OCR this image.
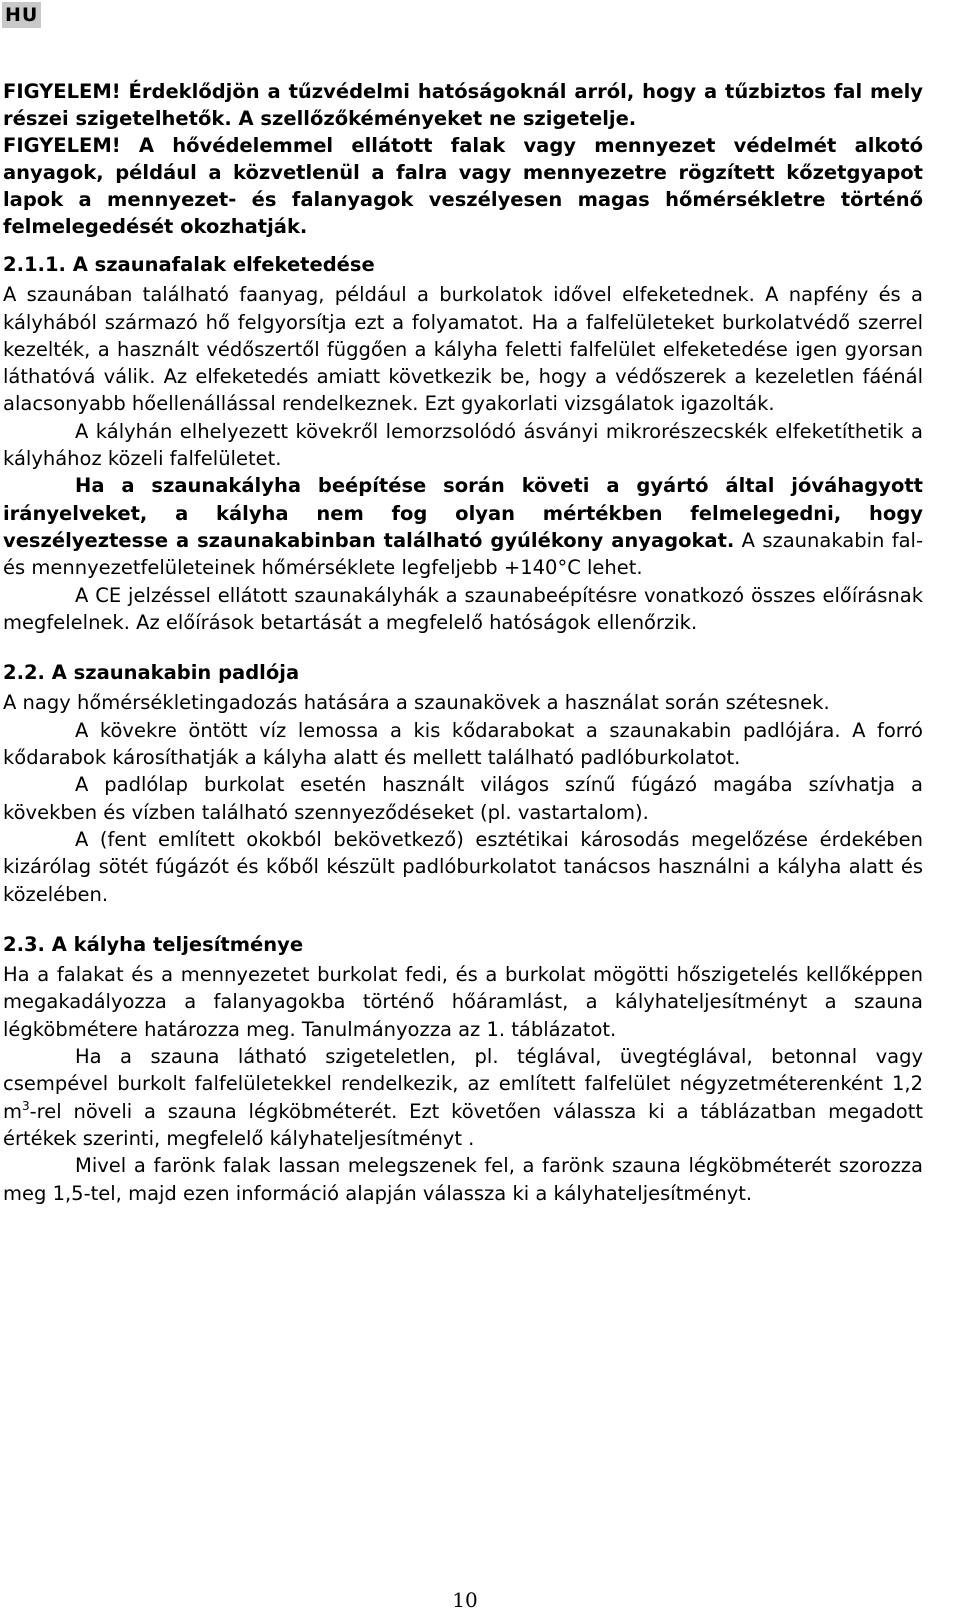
HU

FIGYELEM! Érdeklődjön a tűzvédelmi hatóságoknál arról, hogy a tűzbiztos fal mely részei szigetelhetők. A szellőzőkéményeket ne szigetelje.

FIGYELEM! A hővédelemmel ellátott falak vagy mennyezet védelmét alkotó anyagok, például a közvetlenül a falra vagy mennyezetre rögzített kőzetgyapot lapok a mennyezet- és falanyagok veszélyesen magas hőmérsékletre történő felmelegedését okozhatják.

2.1.1. A szaunafalak elfeketedése

A szaunában található faanyag, például a burkolatok idővel elfeketednek. A napfény és a kályhából származó hő felgyorsítja ezt a folyamatot. Ha a falfelületeket burkolatvédő szerrel kezelték, a használt védőszertől függően a kályha feletti falfelület elfeketedése igen gyorsan láthatóvá válik. Az elfeketedés amiatt következik be, hogy a védőszerek a kezeletlen fáénál alacsonyabb hőellenállással rendelkeznek. Ezt gyakorlati vizsgálatok igazolták.

A kályhán elhelyezett kövekről lemorzsolódó ásványi mikrorészecskék elfeketíthetik a kályhához közeli falfelületet.

Ha a szaunakályha beépítése során követi a gyártó által jóváhagyott irányelveket, a kályha nem fog olyan mértékben felmelegedni, hogy veszélyeztesse a szaunakabinban található gyúlékony anyagokat. A szaunakabin fal- és mennyezetfelületeinek hőmérséklete legfeljebb +140°C lehet.

A CE jelzéssel ellátott szaunakályhák a szaunabeépítésre vonatkozó összes előírásnak megfelelnek. Az előírások betartását a megfelelő hatóságok ellenőrzik.

2.2. A szaunakabin padlója

A nagy hőmérsékletingadozás hatására a szaunakövek a használat során szétesnek.

A kövekre öntött víz lemossa a kis kődarabokat a szaunakabin padlójára. A forró kődarabok károsíthatják a kályha alatt és mellett található padlóburkolatot.

A padlólap burkolat esetén használt világos színű fúgázó magába szívhatja a kövekben és vízben található szennyeződéseket (pl. vastartalom).

A (fent említett okokból bekövetkező) esztétikai károsodás megelőzése érdekében kizárólag sötét fúgázót és kőből készült padlóburkolatot tanácsos használni a kályha alatt és közelében.

2.3. A kályha teljesítménye

Ha a falakat és a mennyezetet burkolat fedi, és a burkolat mögötti hőszigetelés kellőképpen megakadályozza a falanyagokba történő hőáramlást, a kályhateljesítményt a szauna légköbmétere határozza meg. Tanulmányozza az 1. táblázatot.

Ha a szauna látható szigeteletlen, pl. téglával, üvegtéglával, betonnal vagy csempével burkolt falfelületekkel rendelkezik, az említett falfelület négyzetméterenként 1,2 $m^3$-rel növeli a szauna légköbméterét. Ezt követően válassza ki a táblázatban megadott értékek szerinti, megfelelő kályhateljesítményt .

Mivel a farönk falak lassan melegszenek fel, a farönk szauna légköbméterét szorozza meg 1,5-tel, majd ezen információ alapján válassza ki a kályhateljesítményt.

10
